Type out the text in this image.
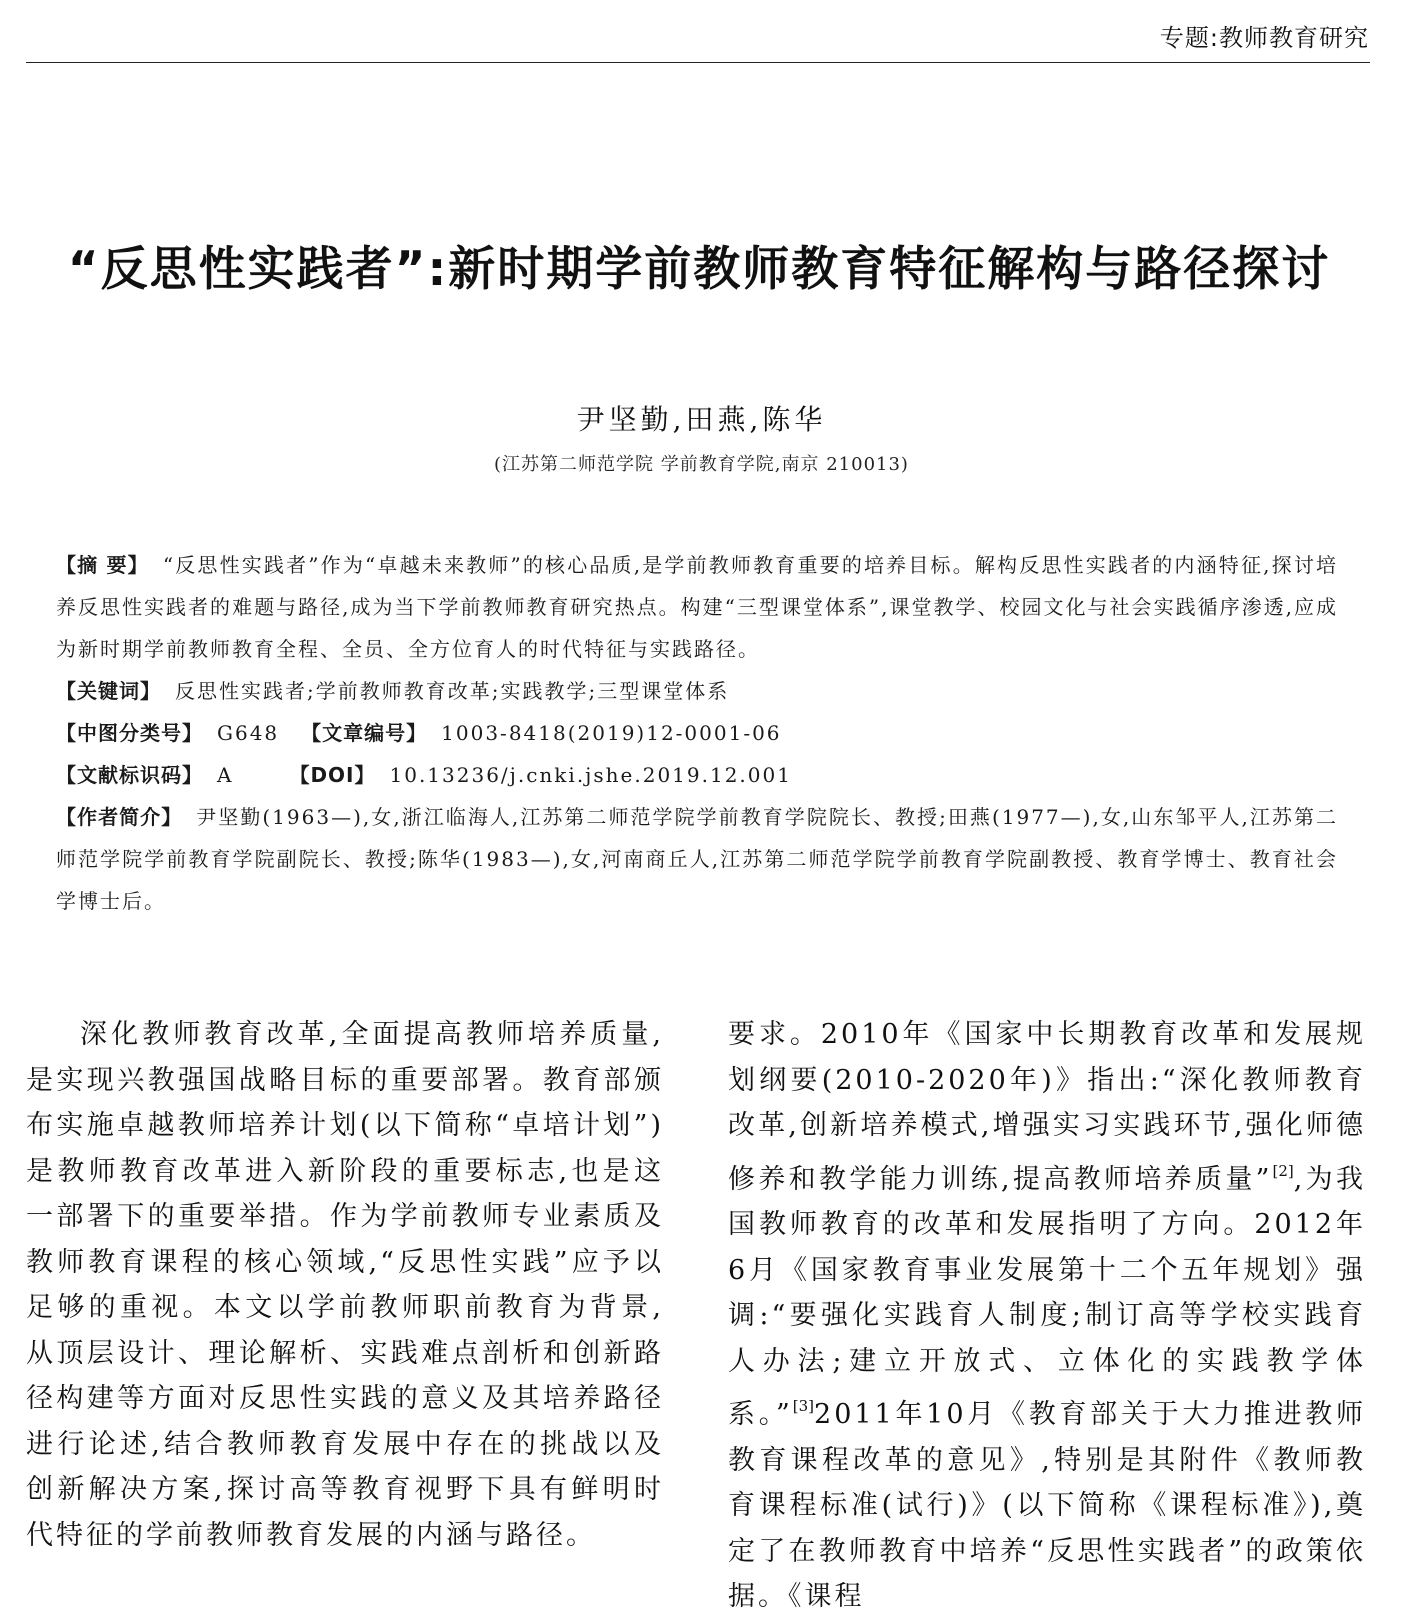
专题:教师教育研究
“反思性实践者”:新时期学前教师教育特征解构与路径探讨
尹坚勤,田燕,陈华
(江苏第二师范学院 学前教育学院,南京 210013)

【摘 要】 “反思性实践者”作为“卓越未来教师”的核心品质,是学前教师教育重要的培养目标。解构反思性实践者的内涵特征,探讨培养反思性实践者的难题与路径,成为当下学前教师教育研究热点。构建“三型课堂体系”,课堂教学、校园文化与社会实践循序渗透,应成为新时期学前教师教育全程、全员、全方位育人的时代特征与实践路径。

【关键词】 反思性实践者;学前教师教育改革;实践教学;三型课堂体系

【中图分类号】 G648 【文章编号】 1003-8418(2019)12-0001-06

【文献标识码】 A	【DOI】 10.13236/j.cnki.jshe.2019.12.001

【作者简介】 尹坚勤(1963—),女,浙江临海人,江苏第二师范学院学前教育学院院长、教授;田燕(1977—),女,山东邹平人,江苏第二师范学院学前教育学院副院长、教授;陈华(1983—),女,河南商丘人,江苏第二师范学院学前教育学院副教授、教育学博士、教育社会学博士后。

深化教师教育改革,全面提高教师培养质量,是实现兴教强国战略目标的重要部署。教育部颁布实施卓越教师培养计划(以下简称“卓培计划”)是教师教育改革进入新阶段的重要标志,也是这一部署下的重要举措。作为学前教师专业素质及教师教育课程的核心领域,“反思性实践”应予以足够的重视。本文以学前教师职前教育为背景,从顶层设计、理论解析、实践难点剖析和创新路径构建等方面对反思性实践的意义及其培养路径进行论述,结合教师教育发展中存在的挑战以及创新解决方案,探讨高等教育视野下具有鲜明时代特征的学前教师教育发展的内涵与路径。

要求。2010年《国家中长期教育改革和发展规划纲要(2010-2020年)》指出:“深化教师教育改革,创新培养模式,增强实习实践环节,强化师德修养和教学能力训练,提高教师培养质量”[2],为我国教师教育的改革和发展指明了方向。2012年6月《国家教育事业发展第十二个五年规划》强调:“要强化实践育人制度;制订高等学校实践育人办法;建立开放式、立体化的实践教学体系。”[3]2011年10月《教育部关于大力推进教师教育课程改革的意见》,特别是其附件《教师教育课程标准(试行)》(以下简称《课程标准》),奠定了在教师教育中培养“反思性实践者”的政策依据。《课程
